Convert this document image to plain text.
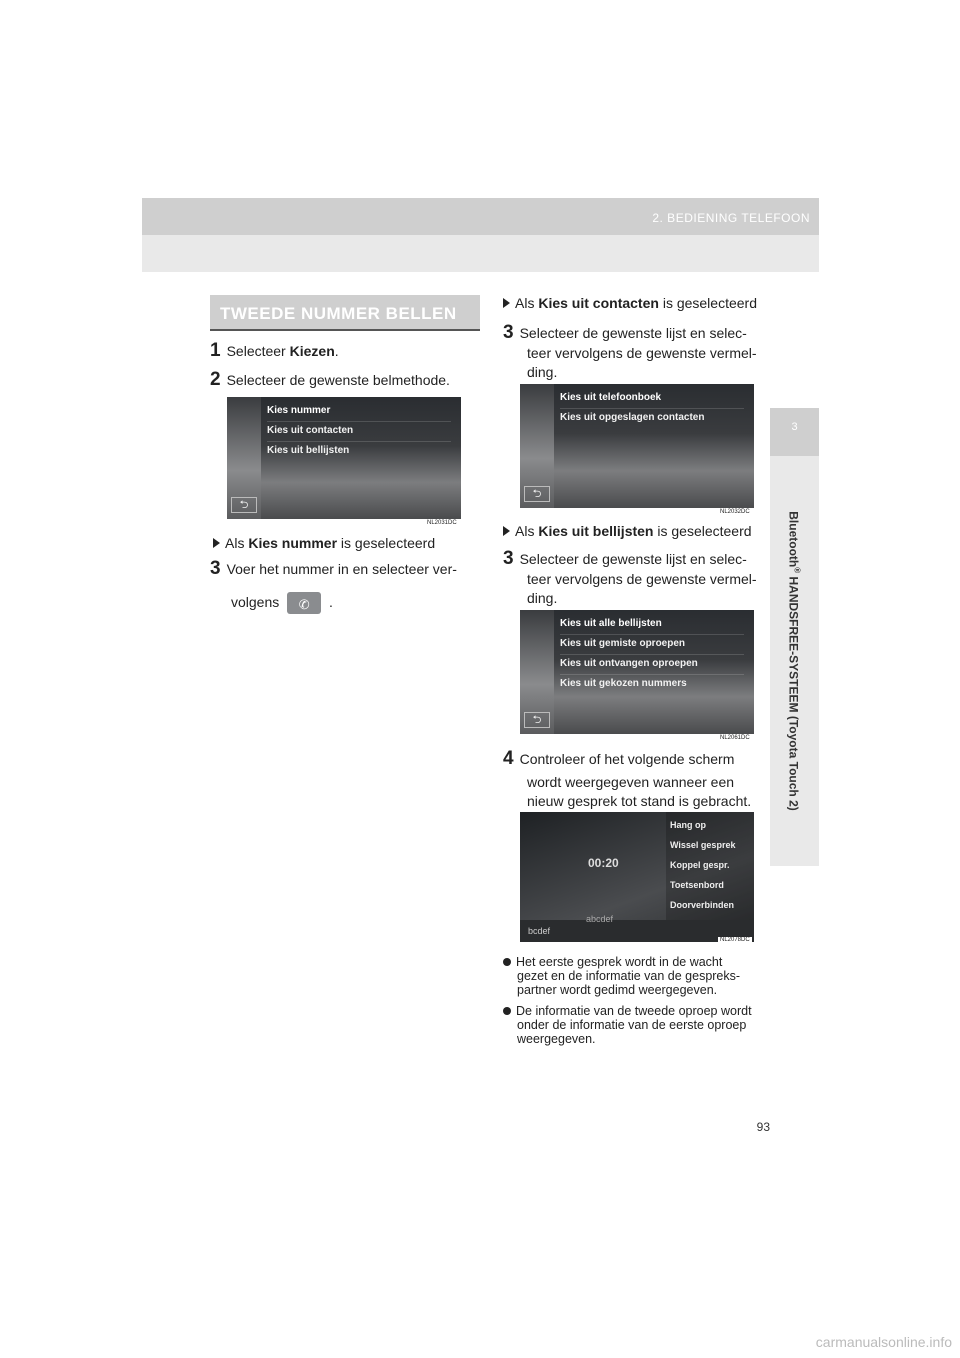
2. BEDIENING TELEFOON
3
Bluetooth® HANDSFREE-SYSTEEM (Toyota Touch 2)
TWEEDE NUMMER BELLEN
1 Selecteer Kiezen.
2 Selecteer de gewenste belmethode.
⮌
Kies nummer
Kies uit contacten
Kies uit bellijsten
NL2031DC
Als Kies nummer is geselecteerd
3 Voer het nummer in en selecteer ver-
volgens	✆	.
Als Kies uit contacten is geselecteerd
3 Selecteer de gewenste lijst en selec-
teer vervolgens de gewenste vermel-
ding.
⮌
Kies uit telefoonboek
Kies uit opgeslagen contacten
NL2032DC
Als Kies uit bellijsten is geselecteerd
3 Selecteer de gewenste lijst en selec-
teer vervolgens de gewenste vermel-
ding.
⮌
Kies uit alle bellijsten
Kies uit gemiste oproepen
Kies uit ontvangen oproepen
Kies uit gekozen nummers
NL2061DC
4 Controleer of het volgende scherm
wordt weergegeven wanneer een
nieuw gesprek tot stand is gebracht.
Hang op
Wissel gesprek
Koppel gespr.
Toetsenbord
Doorverbinden
00:20
abcdef
bcdef
NL2078DC
Het eerste gesprek wordt in de wacht
gezet en de informatie van de gespreks-
partner wordt gedimd weergegeven.
De informatie van de tweede oproep wordt
onder de informatie van de eerste oproep
weergegeven.
93
carmanualsonline.info
